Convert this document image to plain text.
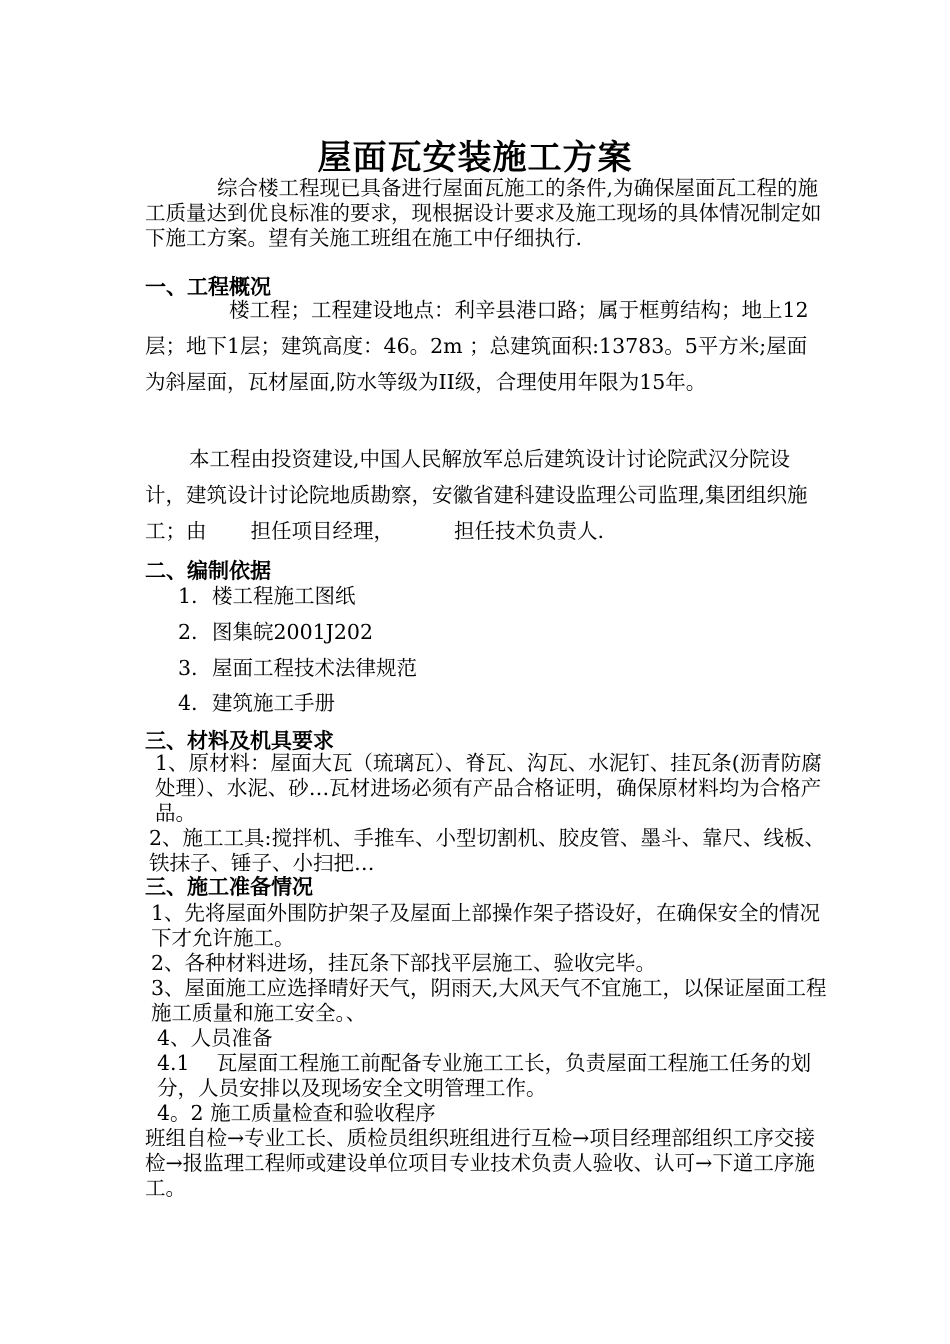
屋面瓦安装施工方案
综合楼工程现已具备进行屋面瓦施工的条件,为确保屋面瓦工程的施工质量达到优良标准的要求，现根据设计要求及施工现场的具体情况制定如下施工方案。望有关施工班组在施工中仔细执行.
一、工程概况
楼工程；工程建设地点：利辛县港口路；属于框剪结构；地上12层；地下1层；建筑高度：46。2m ；总建筑面积:13783。5平方米;屋面为斜屋面，瓦材屋面,防水等级为II级，合理使用年限为15年。
本工程由投资建设,中国人民解放军总后建筑设计讨论院武汉分院设计，建筑设计讨论院地质勘察，安徽省建科建设监理公司监理,集团组织施工；由 担任项目经理，	担任技术负责人.
二、编制依据
1. 楼工程施工图纸
2. 图集皖2001J202
3. 屋面工程技术法律规范
4. 建筑施工手册
三、材料及机具要求
1、原材料：屋面大瓦（琉璃瓦）、脊瓦、沟瓦、水泥钉、挂瓦条(沥青防腐处理）、水泥、砂…瓦材进场必须有产品合格证明，确保原材料均为合格产品。
2、施工工具:搅拌机、手推车、小型切割机、胶皮管、墨斗、靠尺、线板、铁抹子、锤子、小扫把…
三、施工准备情况
1、先将屋面外围防护架子及屋面上部操作架子搭设好，在确保安全的情况下才允许施工。
2、各种材料进场，挂瓦条下部找平层施工、验收完毕。
3、屋面施工应选择晴好天气，阴雨天,大风天气不宜施工，以保证屋面工程施工质量和施工安全。、
4、人员准备
4.1　 瓦屋面工程施工前配备专业施工工长，负责屋面工程施工任务的划分，人员安排以及现场安全文明管理工作。
4。2 施工质量检查和验收程序
班组自检→专业工长、质检员组织班组进行互检→项目经理部组织工序交接检→报监理工程师或建设单位项目专业技术负责人验收、认可→下道工序施工。
